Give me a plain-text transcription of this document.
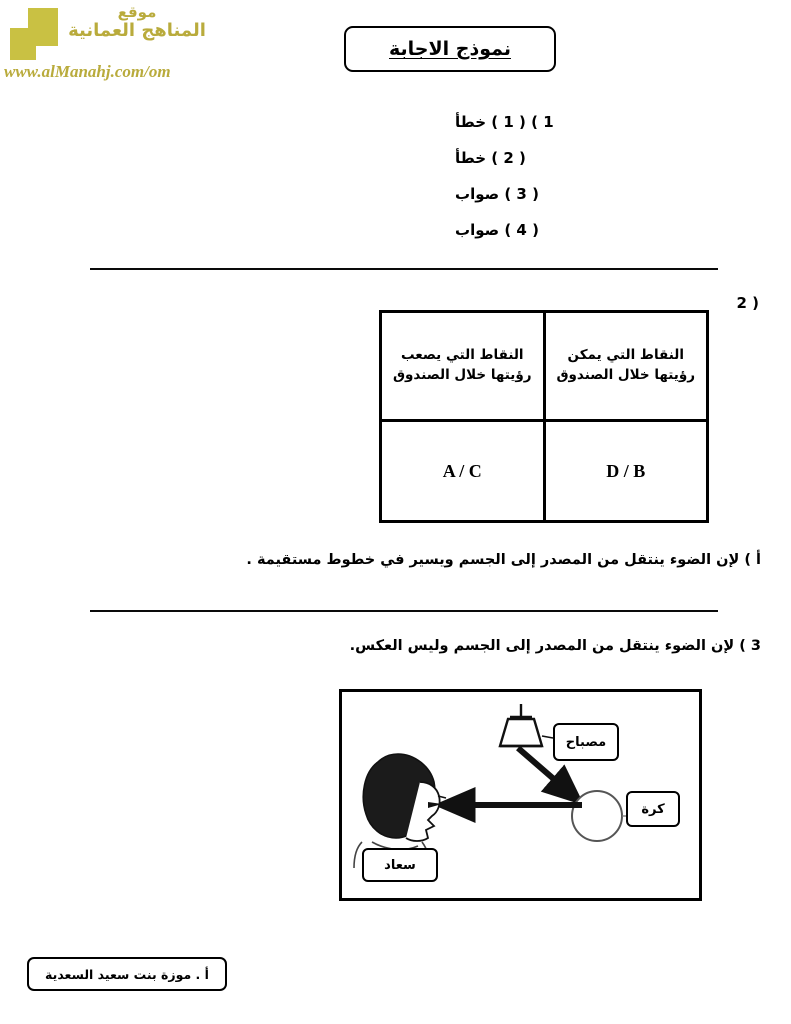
موقع
المناهج العمانية
www.alManahj.com/om
نموذج الاجابة
1 ) ( 1 ) خطأ
( 2 ) خطأ
( 3 ) صواب
( 4 ) صواب
( 2
النقاط التي يمكن رؤيتها خلال الصندوق	النقاط التي يصعب رؤيتها خلال الصندوق
D / B	A / C
أ ) لإن الضوء ينتقل من المصدر إلى الجسم ويسير في خطوط مستقيمة .
3 ) لإن الضوء ينتقل من المصدر إلى الجسم وليس العكس.
مصباح
كرة
سعاد
أ . موزة بنت سعيد السعدية
